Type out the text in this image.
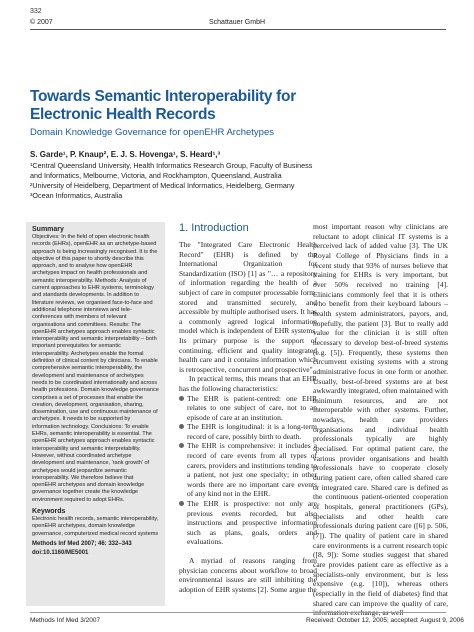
332
© 2007	Schattauer GmbH
Towards Semantic Interoperability for Electronic Health Records
Domain Knowledge Governance for openEHR Archetypes
S. Garde¹, P. Knaup², E. J. S. Hovenga¹, S. Heard¹,³
¹Central Queensland University, Health Informatics Research Group, Faculty of Business
and Informatics, Melbourne, Victoria, and Rockhampton, Queensland, Australia
²University of Heidelberg, Department of Medical Informatics, Heidelberg, Germany
³Ocean Informatics, Australia
Summary

Objectives: In the field of open electronic health records (EHRs), openEHR as an archetype-based approach is being increasingly recognised. It is the objective of this paper to shortly describe this approach, and to analyse how openEHR archetypes impact on health professionals and semantic interoperability. Methods: Analysis of current approaches to EHR systems, terminology and standards developments. In addition to literature reviews, we organised face-to-face and additional telephone interviews and tele-conferences with members of relevant organisations and committees. Results: The openEHR archetypes approach enables syntactic interoperability and semantic interpretability – both important prerequisites for semantic interoperability. Archetypes enable the formal definition of clinical content by clinicians. To enable comprehensive semantic interoperability, the development and maintenance of archetypes needs to be coordinated internationally and across health professions. Domain knowledge governance comprises a set of processes that enable the creation, development, organisation, sharing, dissemination, use and continuous maintenance of archetypes. It needs to be supported by information technology. Conclusions: To enable EHRs, semantic interoperability is essential. The openEHR archetypes approach enables syntactic interoperability and semantic interpretability. However, without coordinated archetype development and maintenance, 'rank growth' of archetypes would jeopardize semantic interoperability. We therefore believe that openEHR archetypes and domain knowledge governance together create the knowledge environment required to adopt EHRs.

Keywords

Electronic health records, semantic interoperability, openEHR archetypes, domain knowledge governance, computerized medical record systems

Methods Inf Med 2007; 46: 332–343
doi:10.1160/ME5001
1. Introduction

The "Integrated Care Electronic Health Record" (EHR) is defined by the International Organization for Standardization (ISO) [1] as "… a repository of information regarding the health of a subject of care in computer processable form, stored and transmitted securely, and accessible by multiple authorised users. It has a commonly agreed logical information model which is independent of EHR systems. Its primary purpose is the support of continuing, efficient and quality integrated health care and it contains information which is retrospective, concurrent and prospective".

In practical terms, this means that an EHR has the following characteristics:

The EHR is patient-centred: one EHR relates to one subject of care, not to an episode of care at an institution.
The EHR is longitudinal: it is a long-term record of care, possibly birth to death.
The EHR is comprehensive: it includes a record of care events from all types of carers, providers and institutions tending to a patient, not just one specialty; in other words there are no important care events of any kind not in the EHR.
The EHR is prospective: not only are previous events recorded, but also instructions and prospective information such as plans, goals, orders and evaluations.

A myriad of reasons ranging from physician concerns about workflow to broad environmental issues are still inhibiting the adoption of EHR systems [2]. Some argue the

most important reason why clinicians are reluctant to adopt clinical IT systems is a perceived lack of added value [3]. The UK Royal College of Physicians finds in a recent study that 93% of nurses believe that training for EHRs is very important, but over 50% received no training [4]. Clinicians commonly feel that it is others who benefit from their keyboard labours – health system administrators, payors, and, hopefully, the patient [3]. But to really add value for the clinician it is still often necessary to develop best-of-breed systems (e.g. [5]). Frequently, these systems then circumvent existing systems with a strong administrative focus in one form or another. Usually, best-of-breed systems are at best awkwardly integrated, often maintained with minimum resources, and are not interoperable with other systems. Further, nowadays, health care providers organisations and individual health professionals typically are highly specialised. For optimal patient care, the various provider organisations and health professionals have to cooperate closely during patient care, often called shared care or integrated care. Shared care is defined as the continuous patient-oriented cooperation of hospitals, general practitioners (GPs), specialists and other health care professionals during patient care ([6] p. 506, [7]). The quality of patient care in shared care environments is a current research topic ([8, 9]): Some studies suggest that shared care provides patient care as effective as a specialists-only environment, but is less expensive (e.g. [10]), whereas others (especially in the field of diabetes) find that shared care can improve the quality of care,

Methods Inf Med 3/2007	Received: October 12, 2005; accepted: August 9, 2006
